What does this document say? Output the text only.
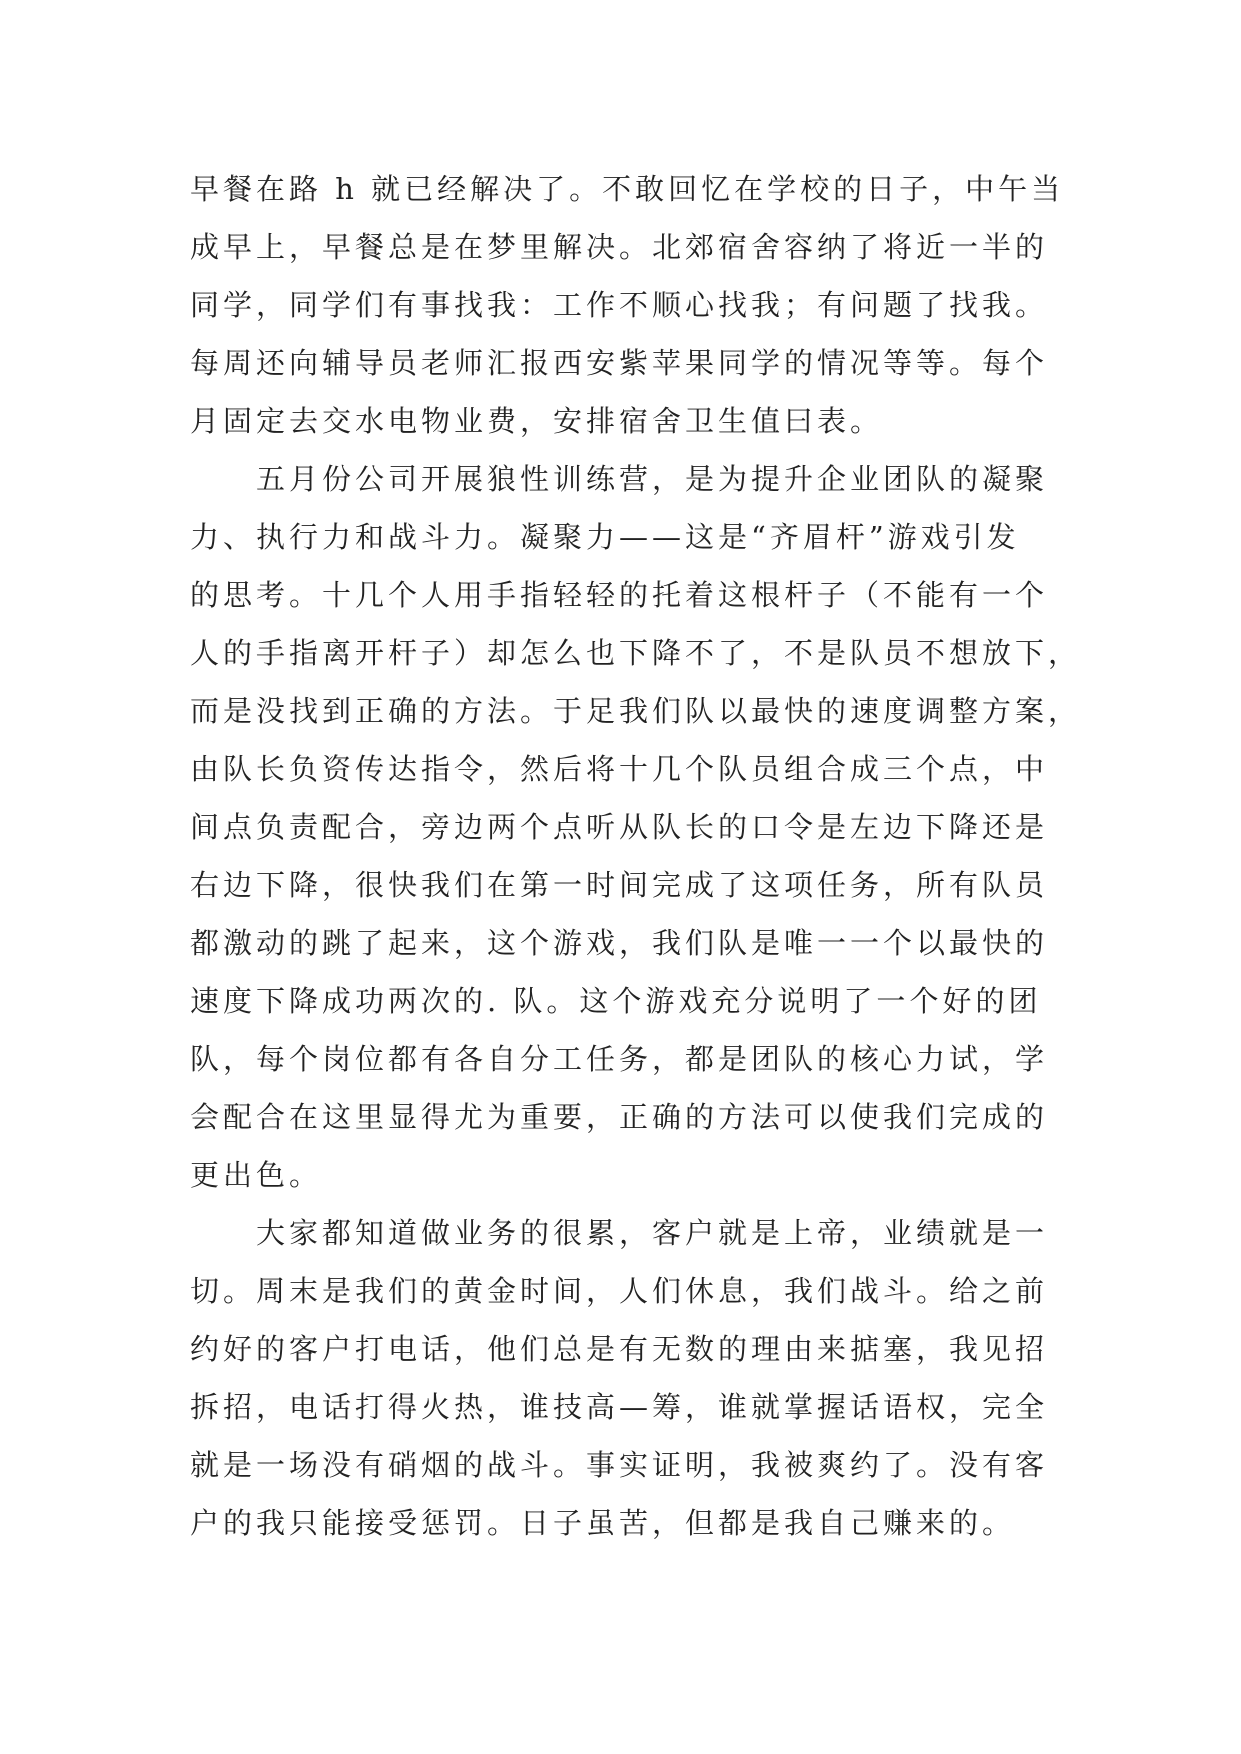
早餐在路 h 就已经解决了。不敢回忆在学校的日子，中午当
成早上，早餐总是在梦里解决。北郊宿舍容纳了将近一半的
同学，同学们有事找我：工作不顺心找我；有问题了找我。
每周还向辅导员老师汇报西安紫苹果同学的情况等等。每个
月固定去交水电物业费，安排宿舍卫生值曰表。
　　五月份公司开展狼性训练营，是为提升企业团队的凝聚
力、执行力和战斗力。凝聚力——这是“齐眉杆”游戏引发
的思考。十几个人用手指轻轻的托着这根杆子（不能有一个
人的手指离开杆子）却怎么也下降不了，不是队员不想放下，
而是没找到正确的方法。于足我们队以最快的速度调整方案，
由队长负资传达指令，然后将十几个队员组合成三个点，中
间点负责配合，旁边两个点听从队长的口令是左边下降还是
右边下降，很快我们在第一时间完成了这项任务，所有队员
都激动的跳了起来，这个游戏，我们队是唯一一个以最快的
速度下降成功两次的. 队。这个游戏充分说明了一个好的团
队，每个岗位都有各自分工任务，都是团队的核心力试，学
会配合在这里显得尤为重要，正确的方法可以使我们完成的
更出色。
　　大家都知道做业务的很累，客户就是上帝，业绩就是一
切。周末是我们的黄金时间，人们休息，我们战斗。给之前
约好的客户打电话，他们总是有无数的理由来掂塞，我见招
拆招，电话打得火热，谁技高—筹，谁就掌握话语权，完全
就是一场没有硝烟的战斗。事实证明，我被爽约了。没有客
户的我只能接受惩罚。日子虽苦，但都是我自己赚来的。
